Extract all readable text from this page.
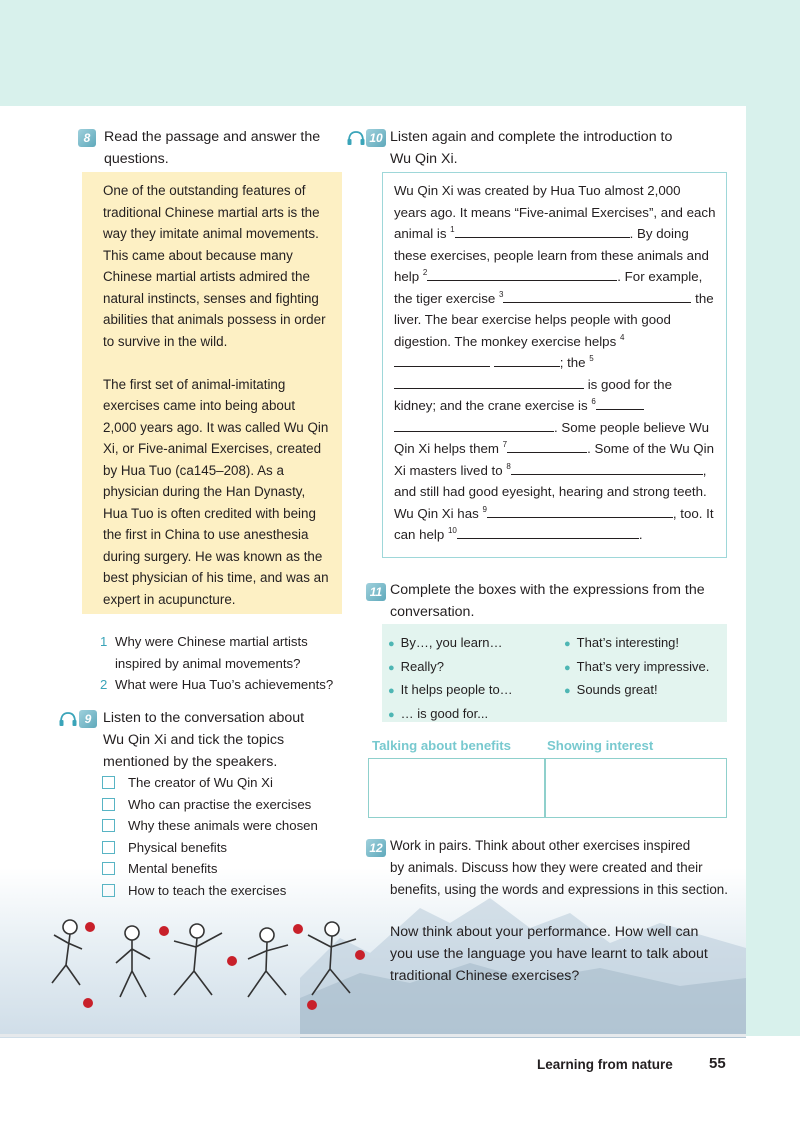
8 Read the passage and answer the
questions.

One of the outstanding features of traditional Chinese martial arts is the way they imitate animal movements. This came about because many Chinese martial artists admired the natural instincts, senses and fighting abilities that animals possess in order to survive in the wild.

The first set of animal-imitating exercises came into being about 2,000 years ago. It was called Wu Qin Xi, or Five-animal Exercises, created by Hua Tuo (ca145–208). As a physician during the Han Dynasty, Hua Tuo is often credited with being the first in China to use anesthesia during surgery. He was known as the best physician of his time, and was an expert in acupuncture.

1 Why were Chinese martial artists inspired by animal movements?
2 What were Hua Tuo’s achievements?
9 Listen to the conversation about
Wu Qin Xi and tick the topics
mentioned by the speakers.
The creator of Wu Qin Xi
Who can practise the exercises
Why these animals were chosen
Physical benefits
Mental benefits
How to teach the exercises
10 Listen again and complete the introduction to
Wu Qin Xi.
Wu Qin Xi was created by Hua Tuo almost 2,000 years ago. It means “Five-animal Exercises”, and each animal is $^1$	. By doing these exercises, people learn from these animals and help $^2$	. For example, the tiger exercise $^3$	the liver. The bear exercise helps people with good digestion. The monkey exercise helps $^4$ ; the $^5$ is good for the kidney; and the crane exercise is $^6$ . Some people believe Wu Qin Xi helps them $^7$	. Some of the Wu Qin Xi masters lived to $^8$	, and still had good eyesight, hearing and strong teeth. Wu Qin Xi has $^9$	, too. It can help $^{10}$	.
11 Complete the boxes with the expressions from the
conversation.
● By…, you learn…
● Really?
● It helps people to…
● … is good for...
● That’s interesting!
● That’s very impressive.
● Sounds great!
Talking about benefits	Showing interest
12 Work in pairs. Think about other exercises inspired
by animals. Discuss how they were created and their
benefits, using the words and expressions in this section.
Now think about your performance. How well can
you use the language you have learnt to talk about
traditional Chinese exercises?
Learning from nature 55
